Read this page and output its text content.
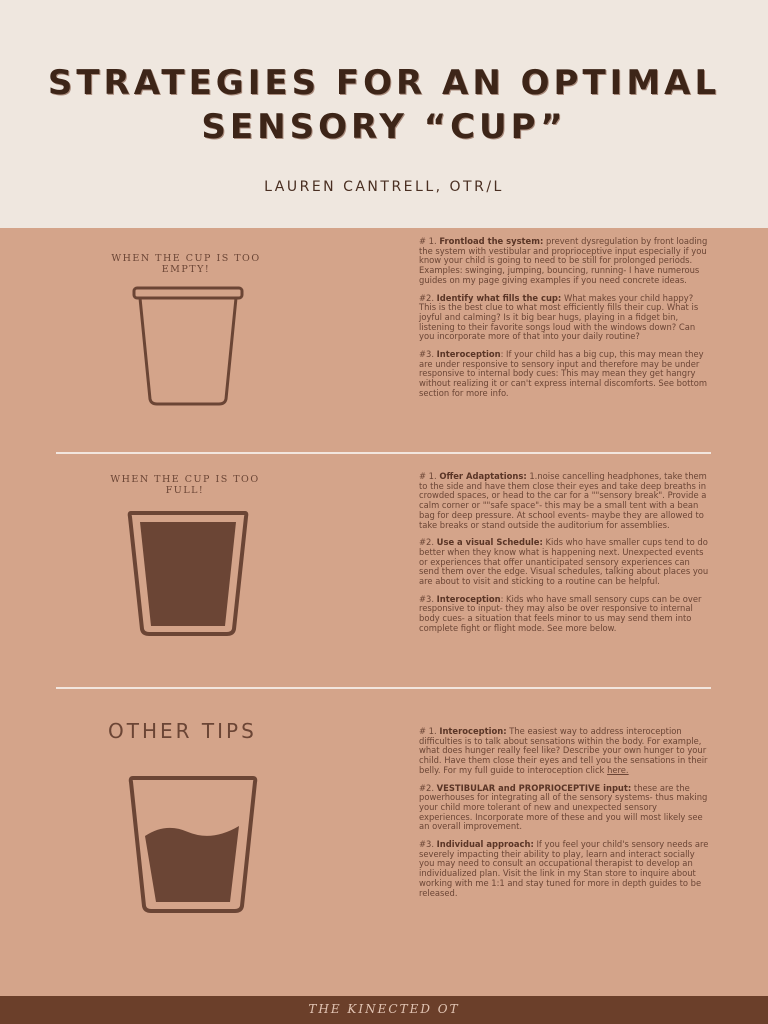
STRATEGIES FOR AN OPTIMAL
SENSORY “CUP”
LAUREN CANTRELL, OTR/L
WHEN THE CUP IS TOO EMPTY!

# 1. Frontload the system: prevent dysregulation by front loading the system with vestibular and proprioceptive input especially if you know your child is going to need to be still for prolonged periods. Examples: swinging, jumping, bouncing, running- I have numerous guides on my page giving examples if you need concrete ideas.

#2. Identify what fills the cup: What makes your child happy? This is the best clue to what most efficiently fills their cup. What is joyful and calming? Is it big bear hugs, playing in a fidget bin, listening to their favorite songs loud with the windows down? Can you incorporate more of that into your daily routine?

#3. Interoception: If your child has a big cup, this may mean they are under responsive to sensory input and therefore may be under responsive to internal body cues: This may mean they get hangry without realizing it or can't express internal discomforts. See bottom section for more info.

WHEN THE CUP IS TOO FULL!

# 1. Offer Adaptations: 1.noise cancelling headphones, take them to the side and have them close their eyes and take deep breaths in crowded spaces, or head to the car for a ""sensory break". Provide a calm corner or ""safe space"- this may be a small tent with a bean bag for deep pressure. At school events- maybe they are allowed to take breaks or stand outside the auditorium for assemblies.

#2. Use a visual Schedule: Kids who have smaller cups tend to do better when they know what is happening next. Unexpected events or experiences that offer unanticipated sensory experiences can send them over the edge. Visual schedules, talking about places you are about to visit and sticking to a routine can be helpful.

#3. Interoception: Kids who have small sensory cups can be over responsive to input- they may also be over responsive to internal body cues- a situation that feels minor to us may send them into complete fight or flight mode. See more below.

OTHER TIPS	# 1. Interoception: The easiest way to address interoception difficulties is to talk about sensations within the body. For example, what does hunger really feel like? Describe your own hunger to your child. Have them close their eyes and tell you the sensations in their belly. For my full guide to interoception click here.

#2. VESTIBULAR and PROPRIOCEPTIVE input: these are the powerhouses for integrating all of the sensory systems- thus making your child more tolerant of new and unexpected sensory experiences. Incorporate more of these and you will most likely see an overall improvement.

#3. Individual approach: If you feel your child's sensory needs are severely impacting their ability to play, learn and interact socially you may need to consult an occupational therapist to develop an individualized plan. Visit the link in my Stan store to inquire about working with me 1:1 and stay tuned for more in depth guides to be released.

THE KINECTED OT
